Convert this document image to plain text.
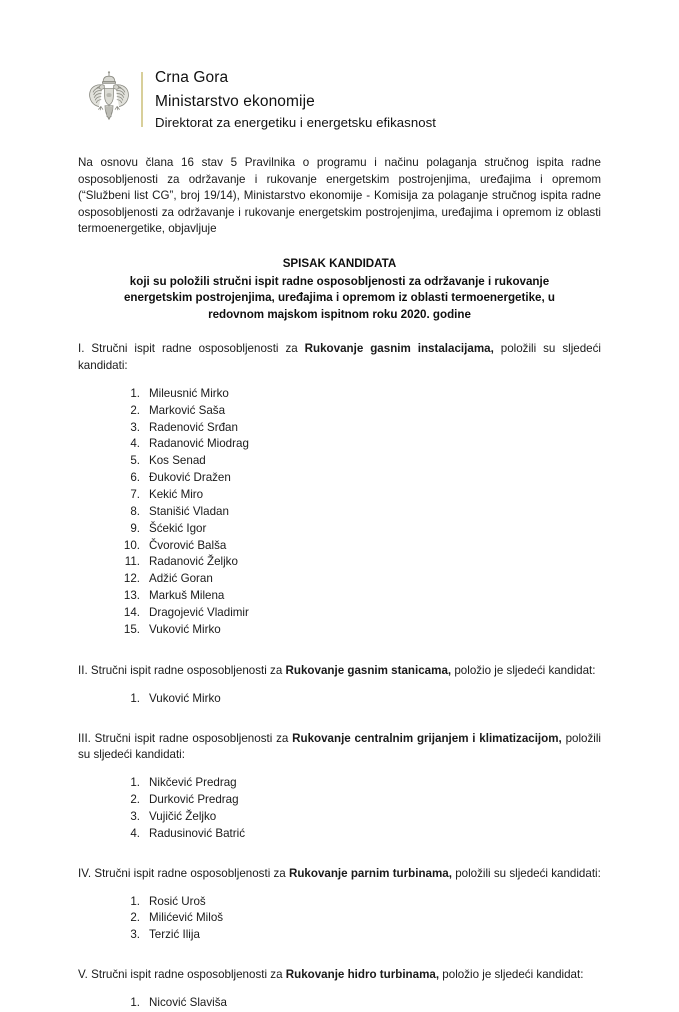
Crna Gora
Ministarstvo ekonomije
Direktorat za energetiku i energetsku efikasnost

Na osnovu člana 16 stav 5 Pravilnika o programu i načinu polaganja stručnog ispita radne osposobljenosti za održavanje i rukovanje energetskim postrojenjima, uređajima i opremom (“Službeni list CG”, broj 19/14), Ministarstvo ekonomije - Komisija za polaganje stručnog ispita radne osposobljenosti za održavanje i rukovanje energetskim postrojenjima, uređajima i opremom iz oblasti termoenergetike, objavljuje

SPISAK KANDIDATA
koji su položili stručni ispit radne osposobljenosti za održavanje i rukovanje
energetskim postrojenjima, uređajima i opremom iz oblasti termoenergetike, u
redovnom majskom ispitnom roku 2020. godine

I. Stručni ispit radne osposobljenosti za Rukovanje gasnim instalacijama, položili su sljedeći kandidati:

1. Mileusnić Mirko
2. Marković Saša
3. Radenović Srđan
4. Radanović Miodrag
5. Kos Senad
6. Đuković Dražen
7. Kekić Miro
8. Stanišić Vladan
9. Šćekić Igor
10. Čvorović Balša
11. Radanović Željko
12. Adžić Goran
13. Markuš Milena
14. Dragojević Vladimir
15. Vuković Mirko

II. Stručni ispit radne osposobljenosti za Rukovanje gasnim stanicama, položio je sljedeći kandidat:

1. Vuković Mirko

III. Stručni ispit radne osposobljenosti za Rukovanje centralnim grijanjem i klimatizacijom, položili su sljedeći kandidati:

1. Nikčević Predrag
2. Durković Predrag
3. Vujičić Željko
4. Radusinović Batrić

IV. Stručni ispit radne osposobljenosti za Rukovanje parnim turbinama, položili su sljedeći kandidati:

1. Rosić Uroš
2. Milićević Miloš
3. Terzić Ilija

V. Stručni ispit radne osposobljenosti za Rukovanje hidro turbinama, položio je sljedeći kandidat:

1. Nicović Slaviša
